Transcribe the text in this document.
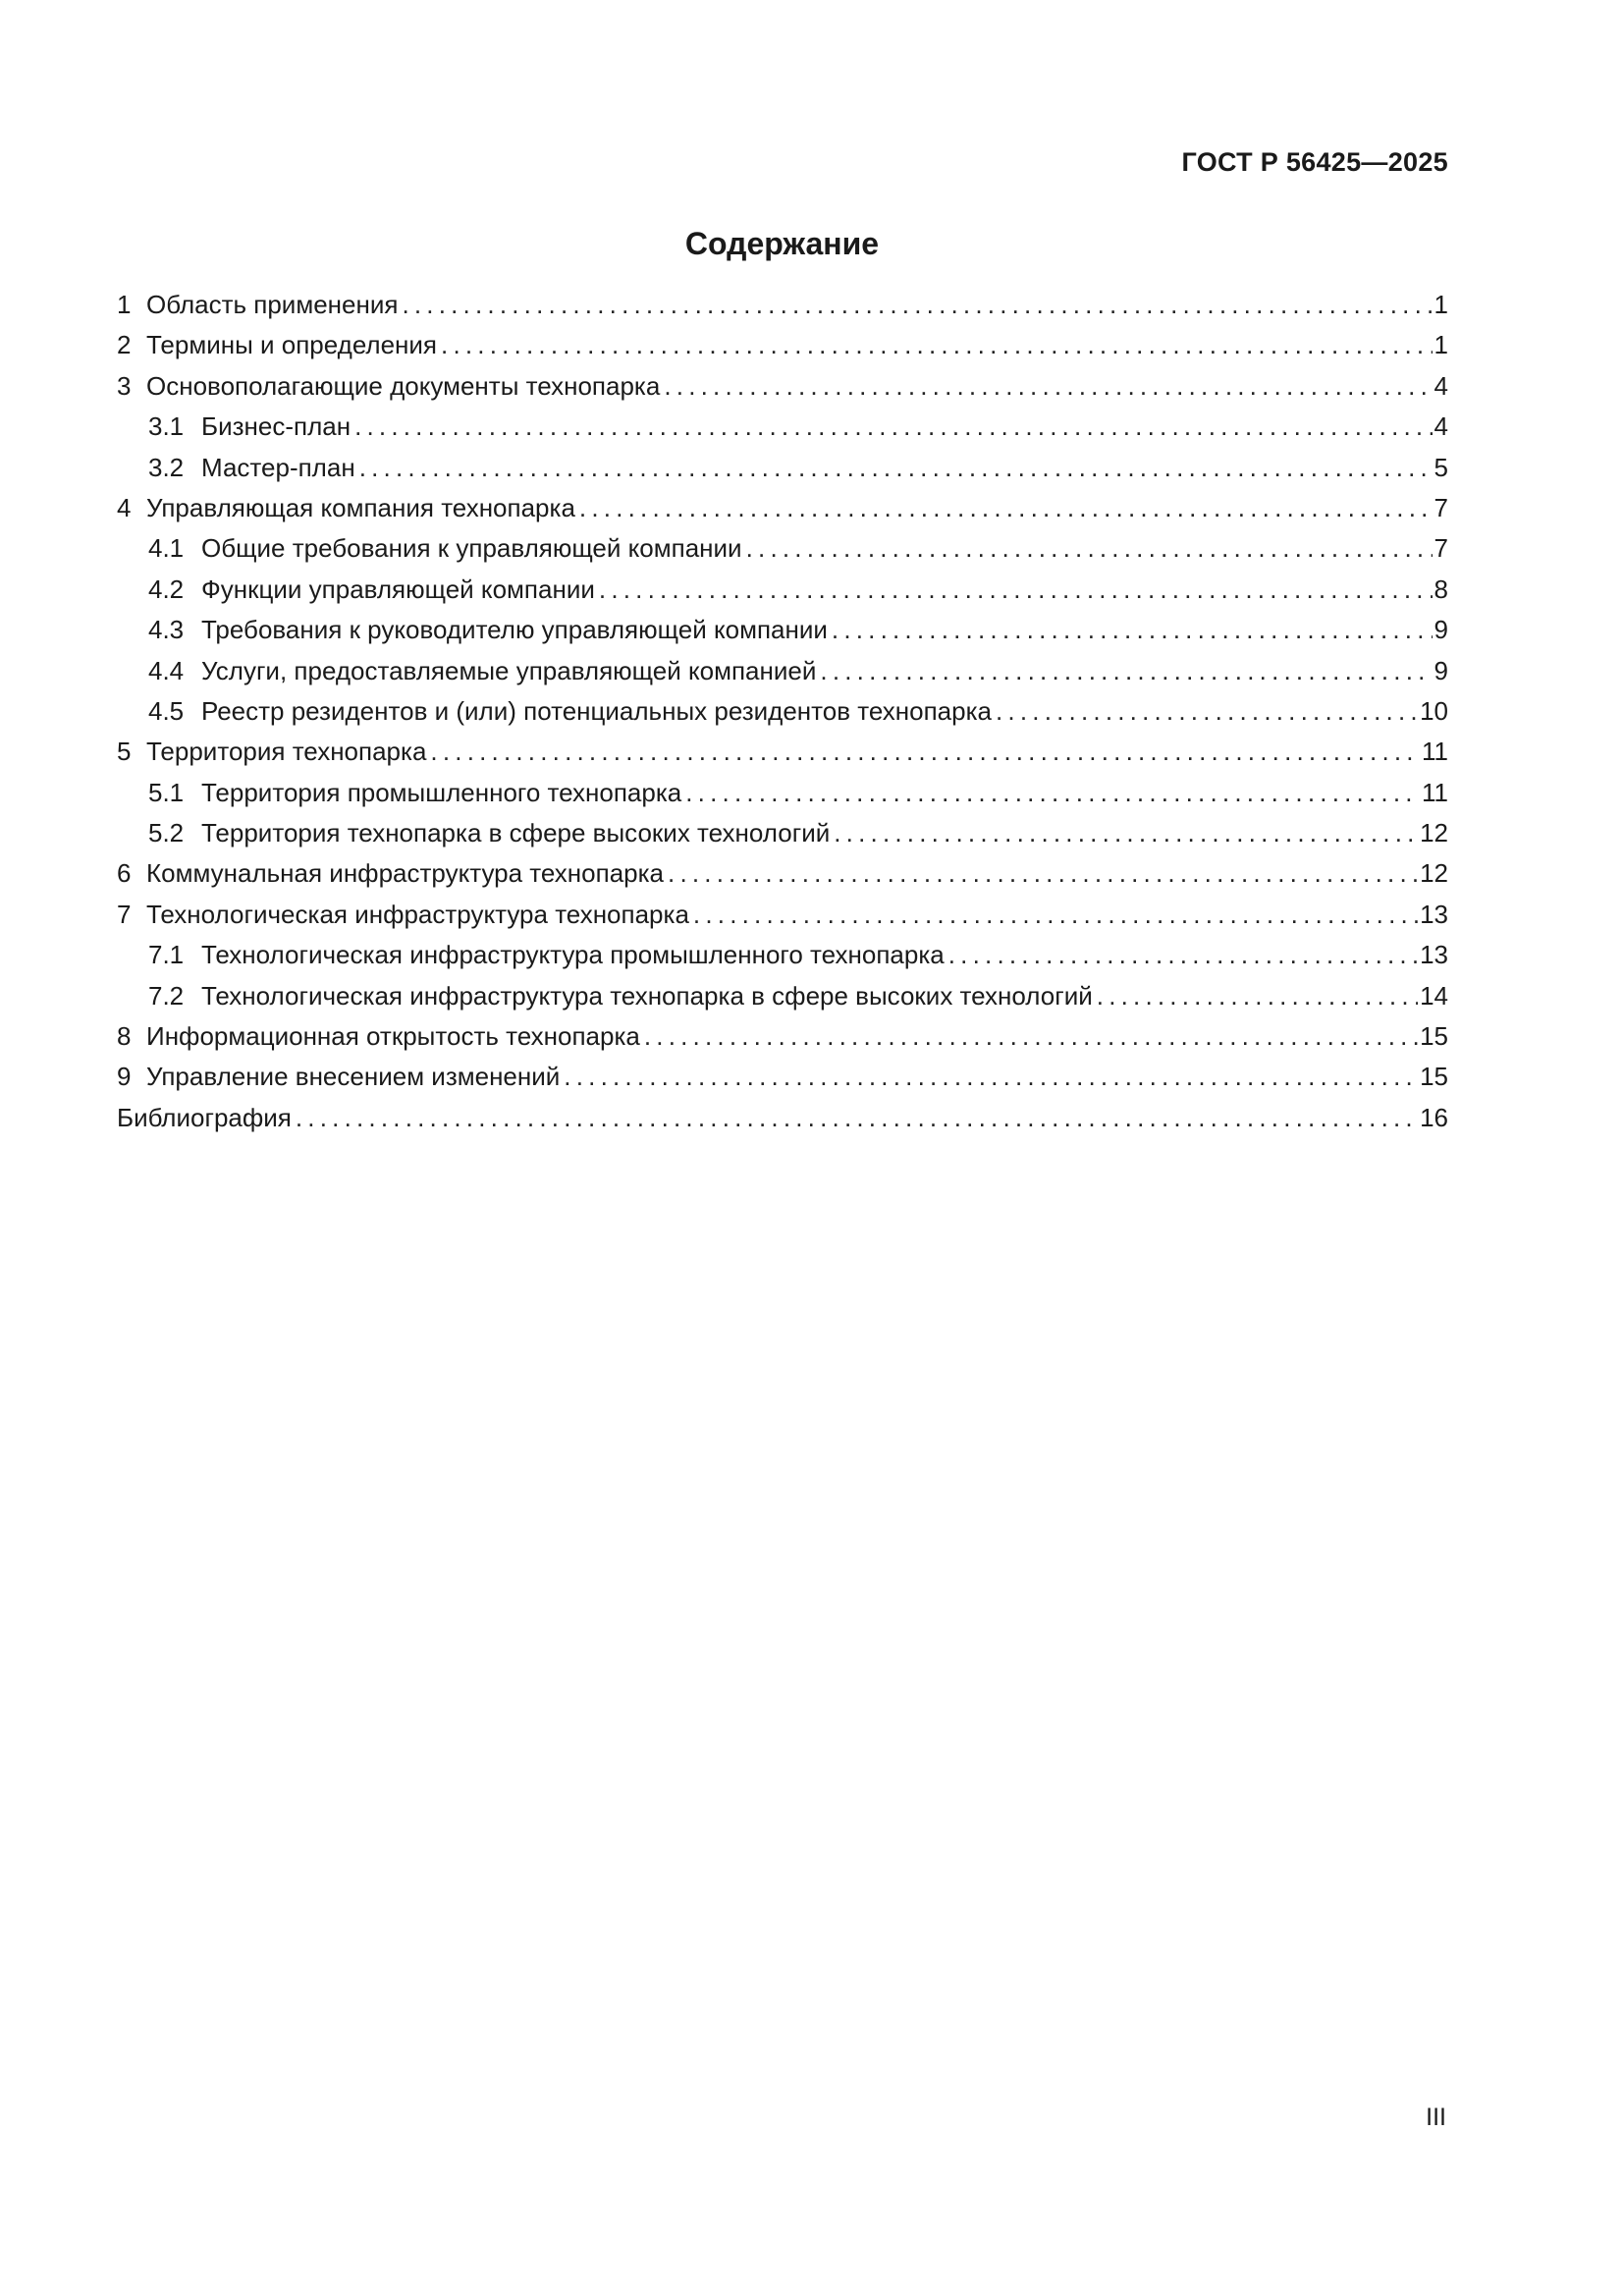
ГОСТ Р 56425—2025
Содержание
1 Область применения .....	1
2 Термины и определения .....	1
3 Основополагающие документы технопарка .....	4
3.1 Бизнес-план .....	4
3.2 Мастер-план .....	5
4 Управляющая компания технопарка .....	7
4.1 Общие требования к управляющей компании .....	7
4.2 Функции управляющей компании .....	8
4.3 Требования к руководителю управляющей компании .....	9
4.4 Услуги, предоставляемые управляющей компанией .....	9
4.5 Реестр резидентов и (или) потенциальных резидентов технопарка .....	10
5 Территория технопарка .....	11
5.1 Территория промышленного технопарка .....	11
5.2 Территория технопарка в сфере высоких технологий .....	12
6 Коммунальная инфраструктура технопарка .....	12
7 Технологическая инфраструктура технопарка .....	13
7.1 Технологическая инфраструктура промышленного технопарка .....	13
7.2 Технологическая инфраструктура технопарка в сфере высоких технологий .....	14
8 Информационная открытость технопарка .....	15
9 Управление внесением изменений .....	15
Библиография .....	16
III
